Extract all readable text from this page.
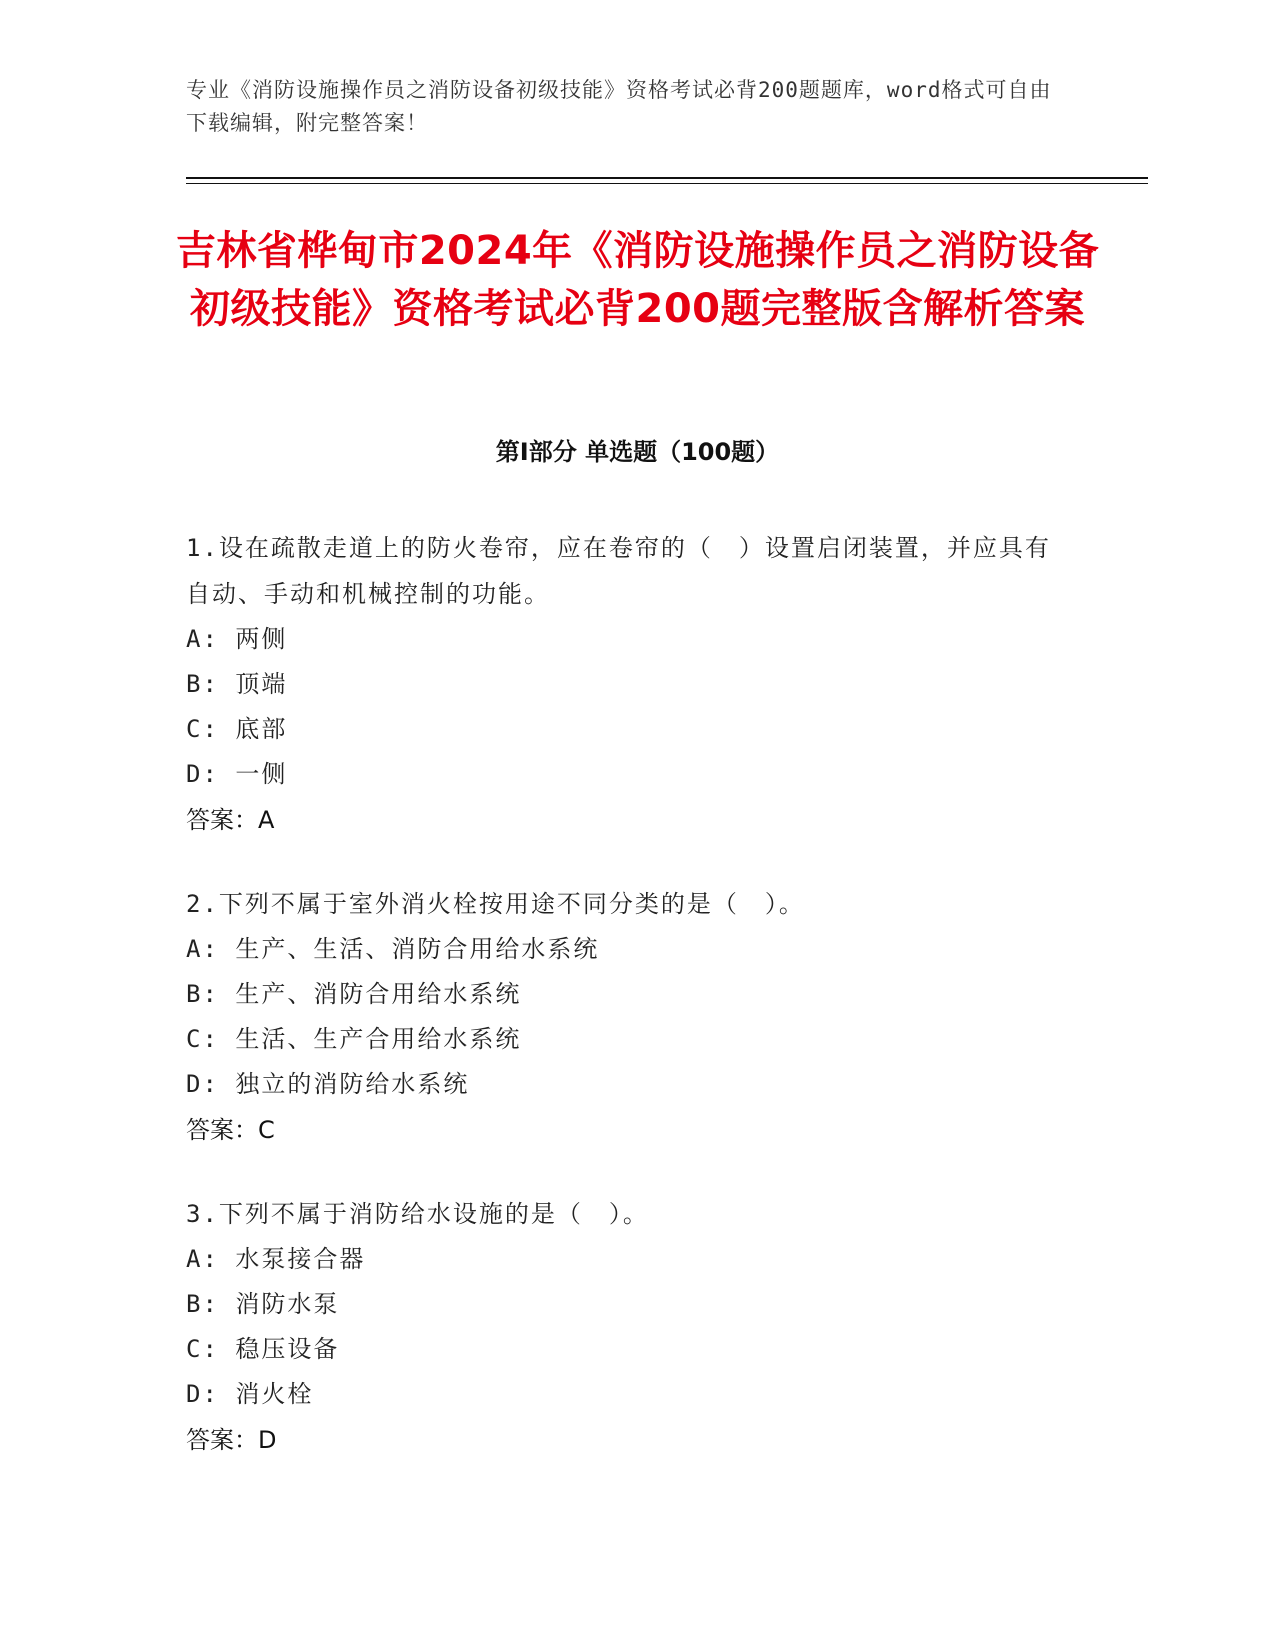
专业《消防设施操作员之消防设备初级技能》资格考试必背200题题库，word格式可自由下载编辑，附完整答案！
吉林省桦甸市2024年《消防设施操作员之消防设备初级技能》资格考试必背200题完整版含解析答案
第I部分 单选题（100题）

1.设在疏散走道上的防火卷帘，应在卷帘的（　）设置启闭装置，并应具有自动、手动和机械控制的功能。

A: 两侧

B: 顶端

C: 底部

D: 一侧

答案：A

2.下列不属于室外消火栓按用途不同分类的是（　）。

A: 生产、生活、消防合用给水系统

B: 生产、消防合用给水系统

C: 生活、生产合用给水系统

D: 独立的消防给水系统

答案：C

3.下列不属于消防给水设施的是（　）。

A: 水泵接合器

B: 消防水泵

C: 稳压设备

D: 消火栓

答案：D
